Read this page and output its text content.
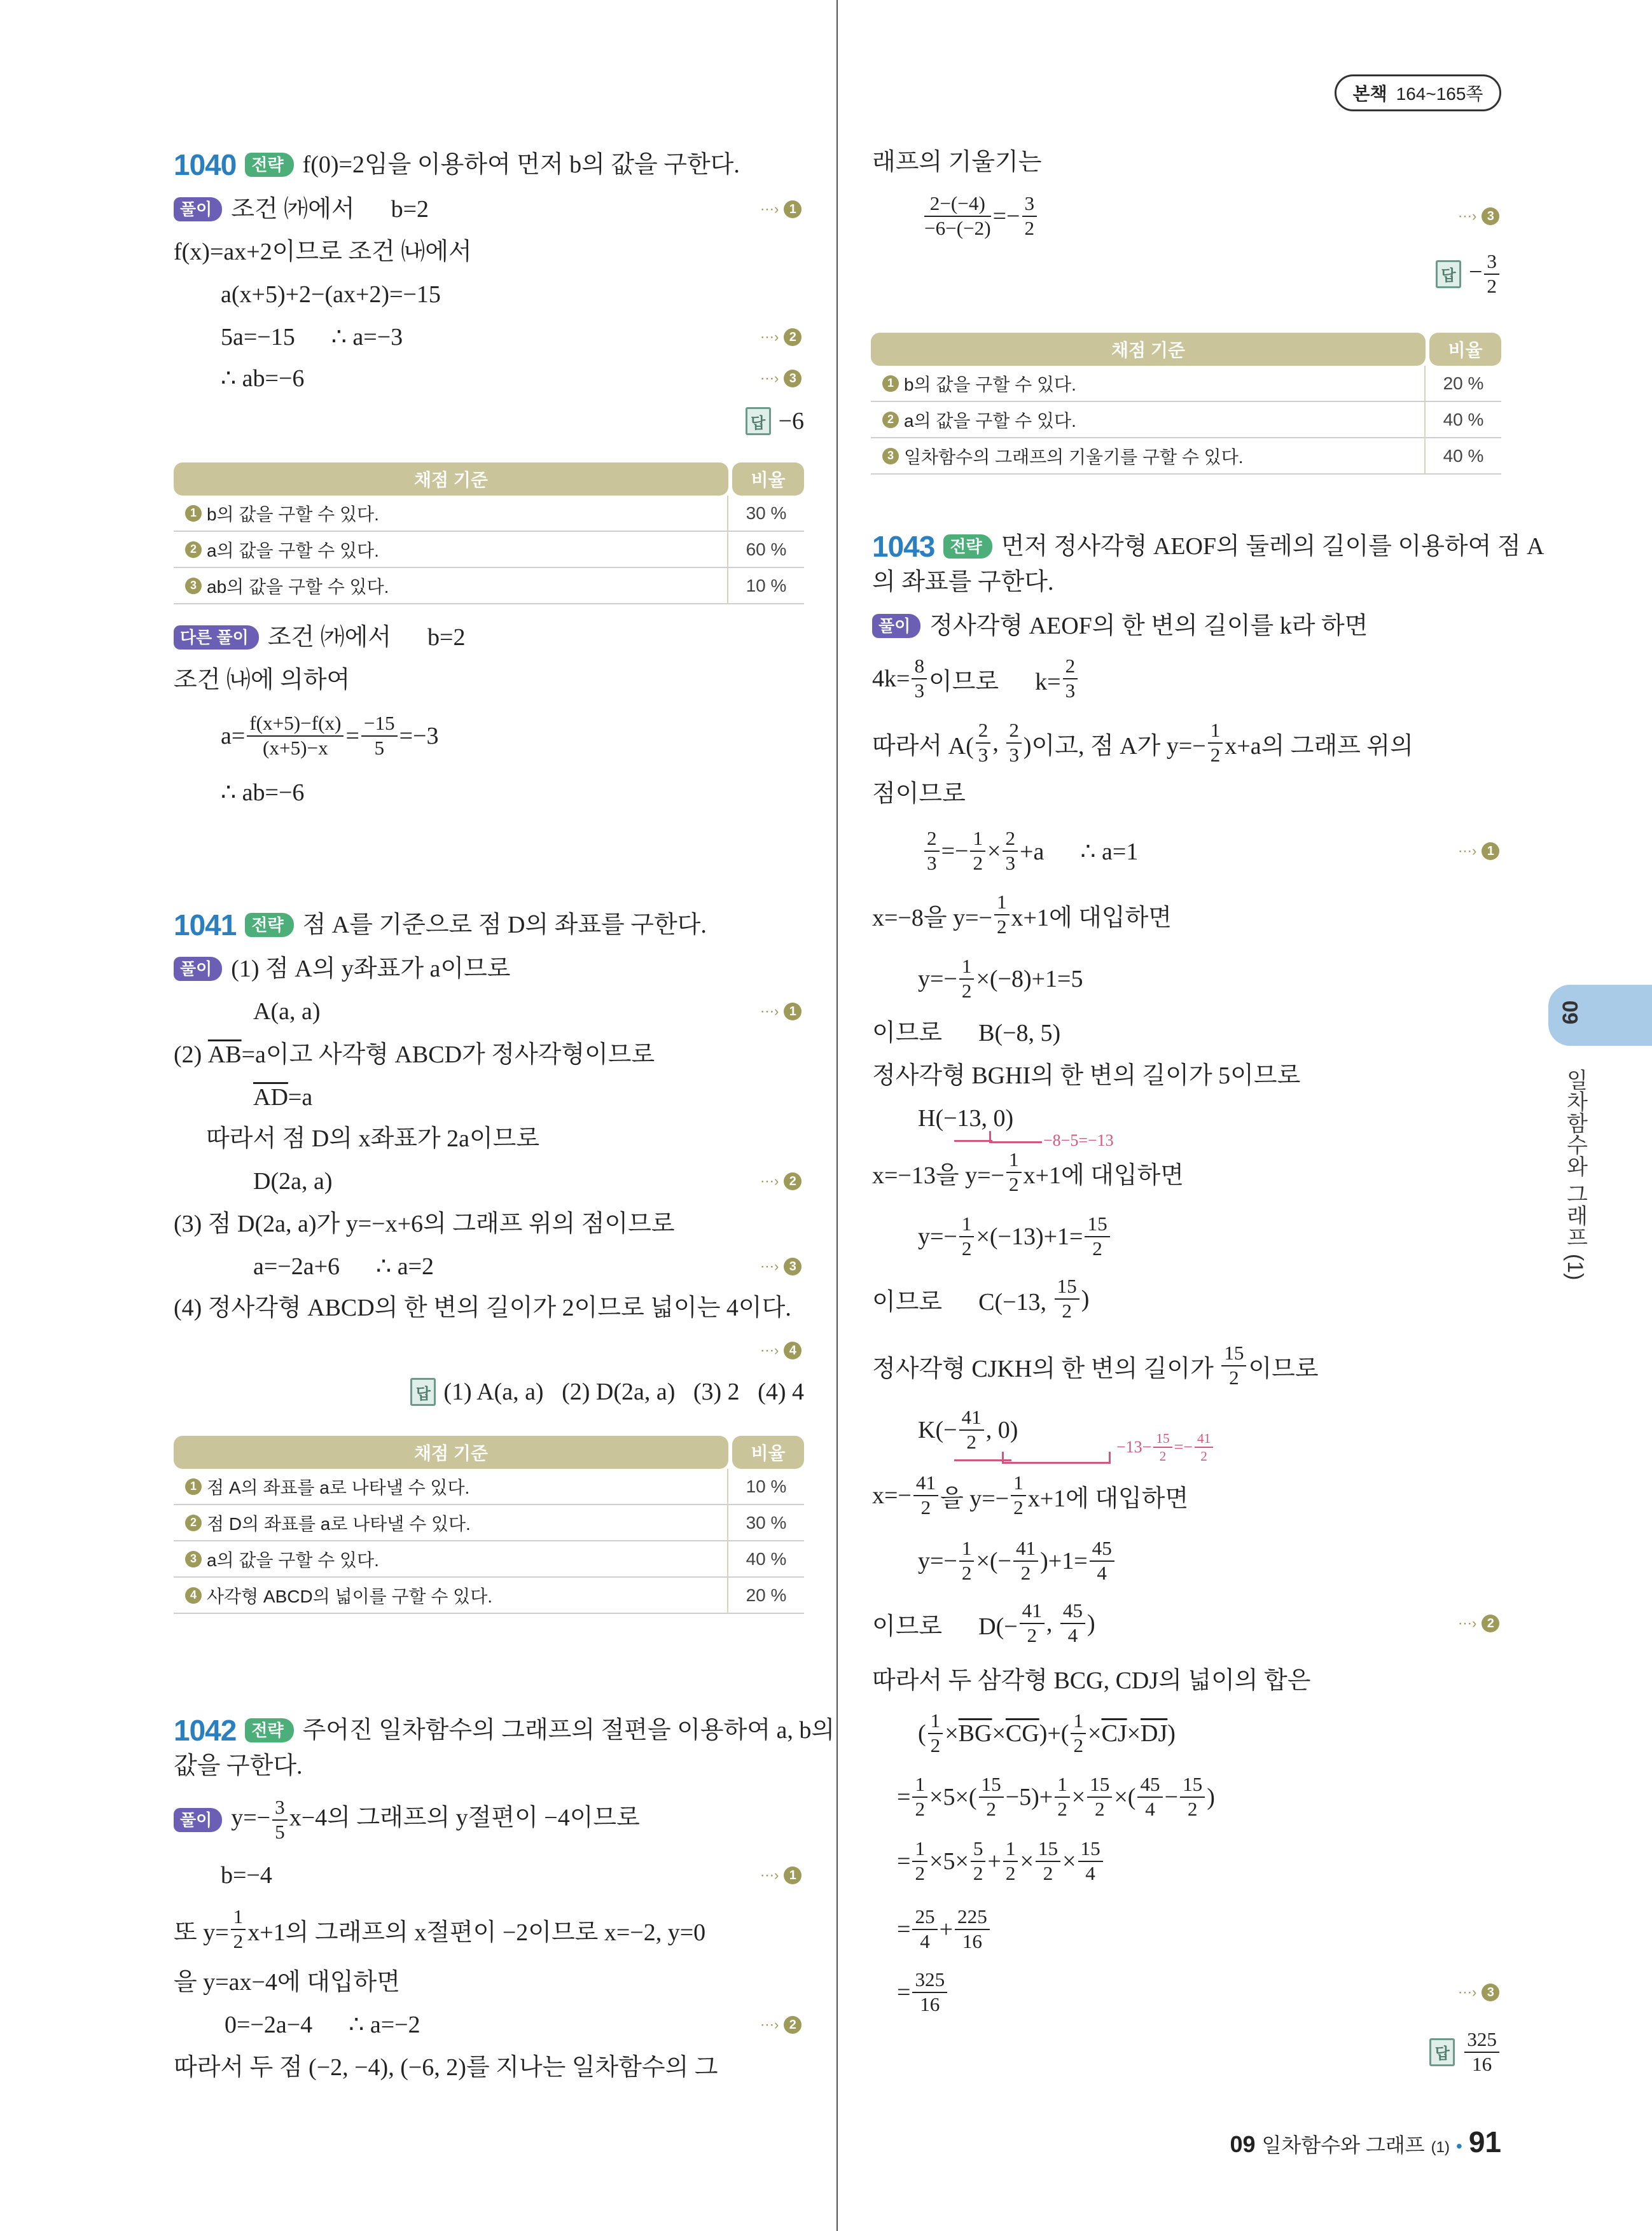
본책 164~165쪽
1040 전략 f(0)=2임을 이용하여 먼저 b의 값을 구한다.
풀이 조건 ㈎에서      b=2
f(x)=ax+2이므로 조건 ㈏에서
a(x+5)+2−(ax+2)=−15
5a=−15      ∴ a=−3
∴ ab=−6
⋯› 1
⋯› 2
⋯› 3
답 −6
채점 기준	비율
1 b의 값을 구할 수 있다.	30 %
2 a의 값을 구할 수 있다.	60 %
3 ab의 값을 구할 수 있다.	10 %
다른 풀이 조건 ㈎에서      b=2
조건 ㈏에 의하여
a= f(x+5)−f(x)
(x+5)−x = −15
5 =−3
∴ ab=−6
1041 전략 점 A를 기준으로 점 D의 좌표를 구한다.
풀이 (1) 점 A의 y좌표가 a이므로
A(a, a)
(2) $\overline{AB} =a$이고 사각형 ABCD가 정사각형이므로
$\overline{AD} =a$
따라서 점 D의 x좌표가 2a이므로
D(2a, a)
(3) 점 D(2a, a)가 y=−x+6의 그래프 위의 점이므로
a=−2a+6      ∴ a=2
(4) 정사각형 ABCD의 한 변의 길이가 2이므로 넓이는 4이다.
⋯› 1
⋯› 2
⋯› 3
⋯› 4
답 (1) A(a, a)   (2) D(2a, a)   (3) 2   (4) 4
채점 기준	비율
1 점 A의 좌표를 a로 나타낼 수 있다.	10 %
2 점 D의 좌표를 a로 나타낼 수 있다.	30 %
3 a의 값을 구할 수 있다.	40 %
4 사각형 ABCD의 넓이를 구할 수 있다.	20 %
1042 전략 주어진 일차함수의 그래프의 절편을 이용하여 a, b의
값을 구한다.
풀이 $y=- \frac{3}{5} x-4$의 그래프의 y절편이 −4이므로
b=−4
또 y=
1
2 x+1의 그래프의 x절편이 −2이므로 x=−2, y=0
을 y=ax−4에 대입하면
0=−2a−4      ∴ a=−2
따라서 두 점 (−2, −4), (−6, 2)를 지나는 일차함수의 그
⋯› 1
⋯› 2
래프의 기울기는
2−(−4)
−6−(−2) =− 3
2
⋯› 3
답 − $\frac{3}{2}$
채점 기준	비율
1 b의 값을 구할 수 있다.	20 %
2 a의 값을 구할 수 있다.	40 %
3 일차함수의 그래프의 기울기를 구할 수 있다.	40 %
1043 전략 먼저 정사각형 AEOF의 둘레의 길이를 이용하여 점 A
의 좌표를 구한다.
풀이 정사각형 AEOF의 한 변의 길이를 k라 하면
4k= 8
3 이므로      k=
2
3
따라서 A(
2
3 , 2
3 )이고, 점 A가 y=−
1
2 x+a의 그래프 위의
점이므로
2
3 =− 1
2 × 2
3 +a      ∴ a=1
x=−8을 y=−
1
2 x+1에 대입하면
y=− 1
2 ×(−8)+1=5
이므로      B(−8, 5)
정사각형 BGHI의 한 변의 길이가 5이므로
H(−13, 0)
−8−5=−13
x=−13을 y=−
1
2 x+1에 대입하면
y=− 1
2 ×(−13)+1= 15
2
이므로      C(−13,
15
2 )
정사각형 CJKH의 한 변의 길이가
15
2 이므로
K(− 41
2 , 0)
−13− 15
2 =− 41
2
x=− 41
2 을 y=−
1
2 x+1에 대입하면
y=− 1
2 ×(− 41
2 )+1= 45
4
이므로      D(−
41
2 , 45
4 )
따라서 두 삼각형 BCG, CDJ의 넓이의 합은
( 1
$2 \times \overline{BG} \times \overline{CG}$ )+( 1
$2 \times \overline{CJ} \times \overline{DJ}$ )
= 1
2 ×5×( 15
2 −5)+ 1
2 × 15
2 ×( 45
4 − 15
2 )
= 1
2 ×5× 5
2 + 1
2 × 15
2 × 15
4
= 25
4 + 225
16
= 325
16
⋯› 1
⋯› 2
⋯› 3
답 $\frac{325}{16}$
09
일차함수와 그래프 (1)
09 일차함수와 그래프 (1) • 91
